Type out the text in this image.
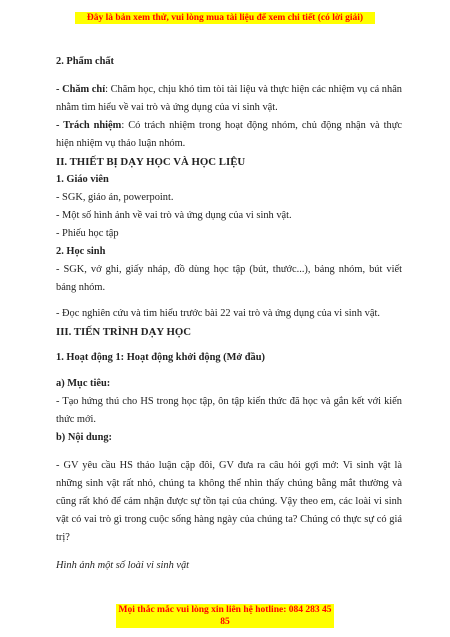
Đây là bản xem thử, vui lòng mua tài liệu để xem chi tiết (có lời giải)

2. Phẩm chất

- Chăm chỉ: Chăm học, chịu khó tìm tòi tài liệu và thực hiện các nhiệm vụ cá nhân nhằm tìm hiểu về vai trò và ứng dụng của vi sinh vật.

- Trách nhiệm: Có trách nhiệm trong hoạt động nhóm, chủ động nhận và thực hiện nhiệm vụ thảo luận nhóm.

II. THIẾT BỊ DẠY HỌC VÀ HỌC LIỆU

1. Giáo viên

- SGK, giáo án, powerpoint.

- Một số hình ảnh về vai trò và ứng dụng của vi sinh vật.

- Phiếu học tập

2. Học sinh

- SGK, vở ghi, giấy nháp, đồ dùng học tập (bút, thước...), bảng nhóm, bút viết bảng nhóm.

- Đọc nghiên cứu và tìm hiểu trước bài 22 vai trò và ứng dụng của vi sinh vật.

III. TIẾN TRÌNH DẠY HỌC

1. Hoạt động 1: Hoạt động khởi động (Mở đầu)

a) Mục tiêu:

- Tạo hứng thú cho HS trong học tập, ôn tập kiến thức đã học và gắn kết với kiến thức mới.

b) Nội dung:

- GV yêu cầu HS thảo luận cặp đôi, GV đưa ra câu hỏi gợi mở: Vi sinh vật là những sinh vật rất nhỏ, chúng ta không thể nhìn thấy chúng bằng mắt thường và cũng rất khó để cảm nhận được sự tồn tại của chúng. Vậy theo em, các loài vi sinh vật có vai trò gì trong cuộc sống hàng ngày của chúng ta? Chúng có thực sự có giá trị?

Hình ảnh một số loài vi sinh vật

Mọi thắc mắc vui lòng xin liên hệ hotline: 084 283 45 85
